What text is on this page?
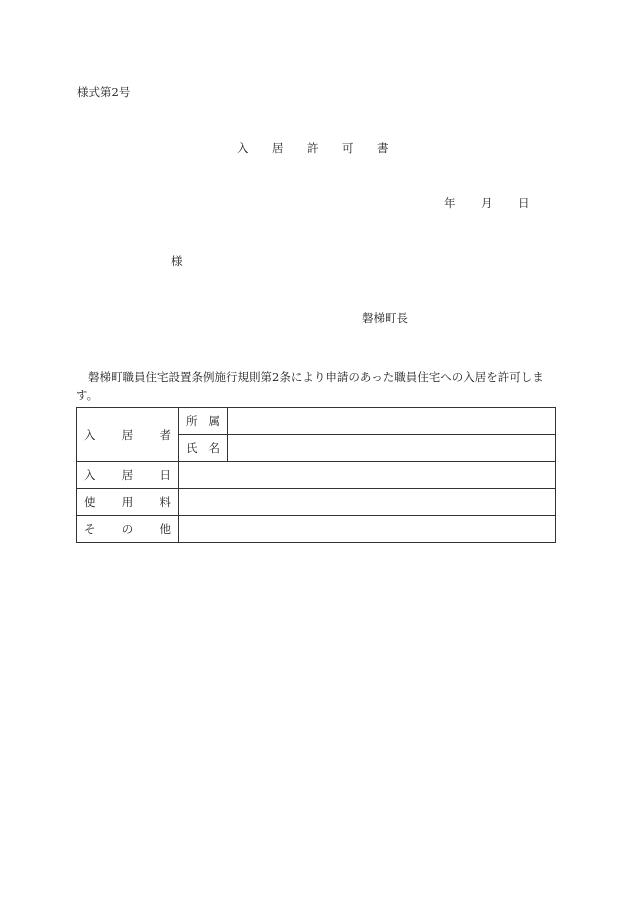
様式第2号
入 居 許 可 書
年 月 日
様
磐梯町長
磐梯町職員住宅設置条例施行規則第2条により申請のあった職員住宅への入居を許可します。
入 居 者	所 属	

	氏 名	

入 居 日		

使 用 料		

そ の 他		
